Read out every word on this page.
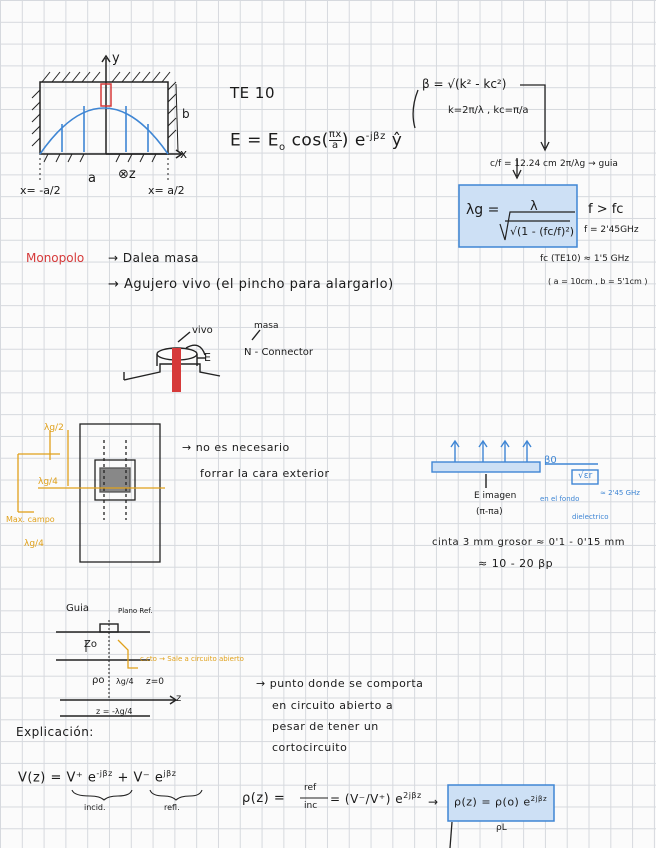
y
x
b
a ⊗z
x= -a/2	x= a/2
TE 10
$E = E_o$ $\cos( \frac{\pi x}{a}$ ) $e^{-j\beta z}$ ŷ
β = √(k² - kc²)
k=2π/λ , kc=π/a
c/f = 12.24 cm 2π/λg → guia
λg = λ
√(1 - (fc/f)²)
f > fc
f = 2'45GHz
fc (TE10) ≈ 1'5 GHz
( a = 10cm , b = 5'1cm )
Monopolo → Dalea masa
→ Agujero vivo (el pincho para alargarlo)
vivo
E
masa
N - Connector
λg/2
λg/4
λg/4
Max. campo
→ no es necesario
forrar la cara exterior
β0
E imagen
(π-πa)
√εr
≈ 2'45 GHz
en el fondo
dielectrico
cinta 3 mm grosor ≈ 0'1 - 0'15 mm
≈ 10 - 20 βp
Guia	Plano Ref.
Zo
c.cto → Sale a circuito abierto
ρo λg/4 z=0
z
z = -λg/4
→ punto donde se comporta
en circuito abierto a
pesar de tener un
cortocircuito
Explicación:
V(z) = V⁺ $e^{-j\beta z} + V^-$ $e^{j\beta z}$
incid.	refl.
ρ(z) =
ref
inc = (V⁻/V⁺) $e^{2j\beta z} \to \rho(z) = \rho(o)$ $e^{2j\beta z}$
ρL
